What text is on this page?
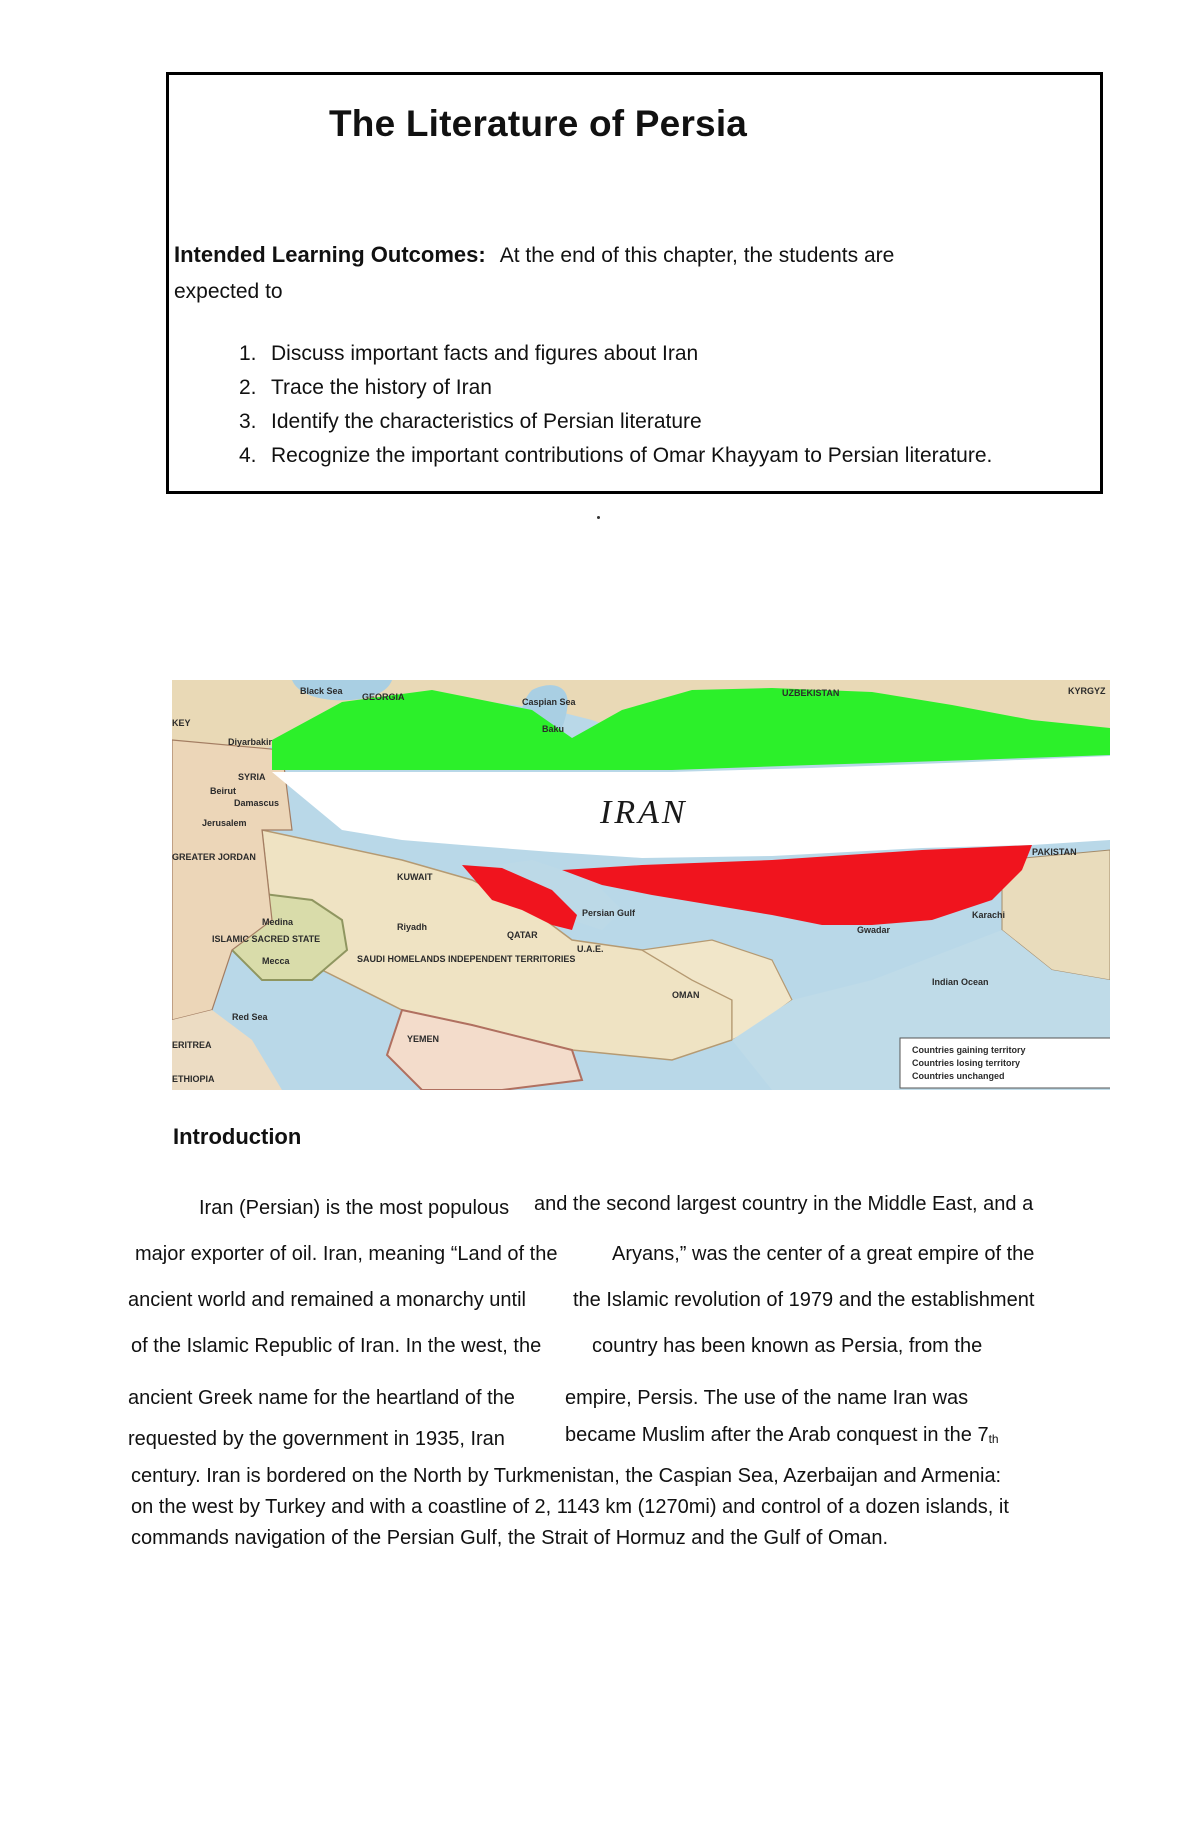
The Literature of Persia
Intended Learning Outcomes: At the end of this chapter, the students are
expected to
1. Discuss important facts and figures about Iran
2. Trace the history of Iran
3. Identify the characteristics of Persian literature
4. Recognize the important contributions of Omar Khayyam to Persian literature.
IRAN
Black Sea
GEORGIA	Caspian Sea
Baku
UZBEKISTAN	KYRGYZ
KEY
Diyarbakir
SYRIA
Beirut
Damascus
Jerusalem
GREATER JORDAN
KUWAIT
PAKISTAN
Medina
ISLAMIC SACRED STATE
Mecca
Riyadh
QATAR
Persian Gulf
U.A.E.
Gwadar
Karachi
SAUDI HOMELANDS INDEPENDENT TERRITORIES
OMAN
Indian Ocean
Red Sea
ERITREA
YEMEN
ETHIOPIA
Countries gaining territory
Countries losing territory
Countries unchanged
Introduction
Iran (Persian) is the most populous and the second largest country in the Middle East, and a
major exporter of oil. Iran, meaning “Land of the	Aryans,” was the center of a great empire of the
ancient world and remained a monarchy until the Islamic revolution of 1979 and the establishment
of the Islamic Republic of Iran. In the west, the	country has been known as Persia, from the
ancient Greek name for the heartland of the	empire, Persis. The use of the name Iran was
requested by the government in 1935, Iran	became Muslim after the Arab conquest in the $7_{th}$
century. Iran is bordered on the North by Turkmenistan, the Caspian Sea, Azerbaijan and Armenia:
on the west by Turkey and with a coastline of 2, 1143 km (1270mi) and control of a dozen islands, it
commands navigation of the Persian Gulf, the Strait of Hormuz and the Gulf of Oman.
